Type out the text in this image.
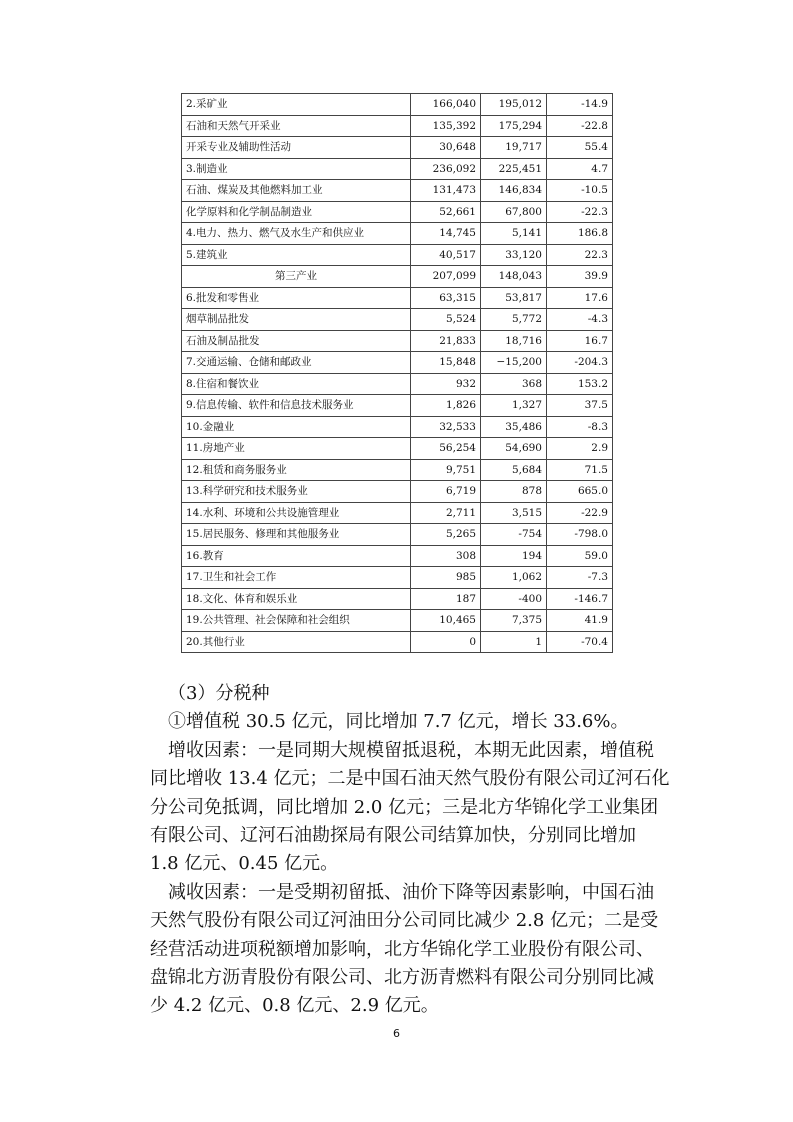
2.采矿业	166,040	195,012	-14.9
石油和天然气开采业	135,392	175,294	-22.8
开采专业及辅助性活动	30,648	19,717	55.4
3.制造业	236,092	225,451	4.7
石油、煤炭及其他燃料加工业	131,473	146,834	-10.5
化学原料和化学制品制造业	52,661	67,800	-22.3
4.电力、热力、燃气及水生产和供应业	14,745	5,141	186.8
5.建筑业	40,517	33,120	22.3
第三产业	207,099	148,043	39.9
6.批发和零售业	63,315	53,817	17.6
烟草制品批发	5,524	5,772	-4.3
石油及制品批发	21,833	18,716	16.7
7.交通运输、仓储和邮政业	15,848	−15,200	-204.3
8.住宿和餐饮业	932	368	153.2
9.信息传输、软件和信息技术服务业	1,826	1,327	37.5
10.金融业	32,533	35,486	-8.3
11.房地产业	56,254	54,690	2.9
12.租赁和商务服务业	9,751	5,684	71.5
13.科学研究和技术服务业	6,719	878	665.0
14.水利、环境和公共设施管理业	2,711	3,515	-22.9
15.居民服务、修理和其他服务业	5,265	-754	-798.0
16.教育	308	194	59.0
17.卫生和社会工作	985	1,062	-7.3
18.文化、体育和娱乐业	187	-400	-146.7
19.公共管理、社会保障和社会组织	10,465	7,375	41.9
20.其他行业	0	1	-70.4

（3）分税种

①增值税 30.5 亿元，同比增加 7.7 亿元，增长 33.6%。

增收因素：一是同期大规模留抵退税，本期无此因素，增值税同比增收 13.4 亿元；二是中国石油天然气股份有限公司辽河石化分公司免抵调，同比增加 2.0 亿元；三是北方华锦化学工业集团有限公司、辽河石油勘探局有限公司结算加快，分别同比增加 1.8 亿元、0.45 亿元。

减收因素：一是受期初留抵、油价下降等因素影响，中国石油天然气股份有限公司辽河油田分公司同比减少 2.8 亿元；二是受经营活动进项税额增加影响，北方华锦化学工业股份有限公司、盘锦北方沥青股份有限公司、北方沥青燃料有限公司分别同比减少 4.2 亿元、0.8 亿元、2.9 亿元。

6
